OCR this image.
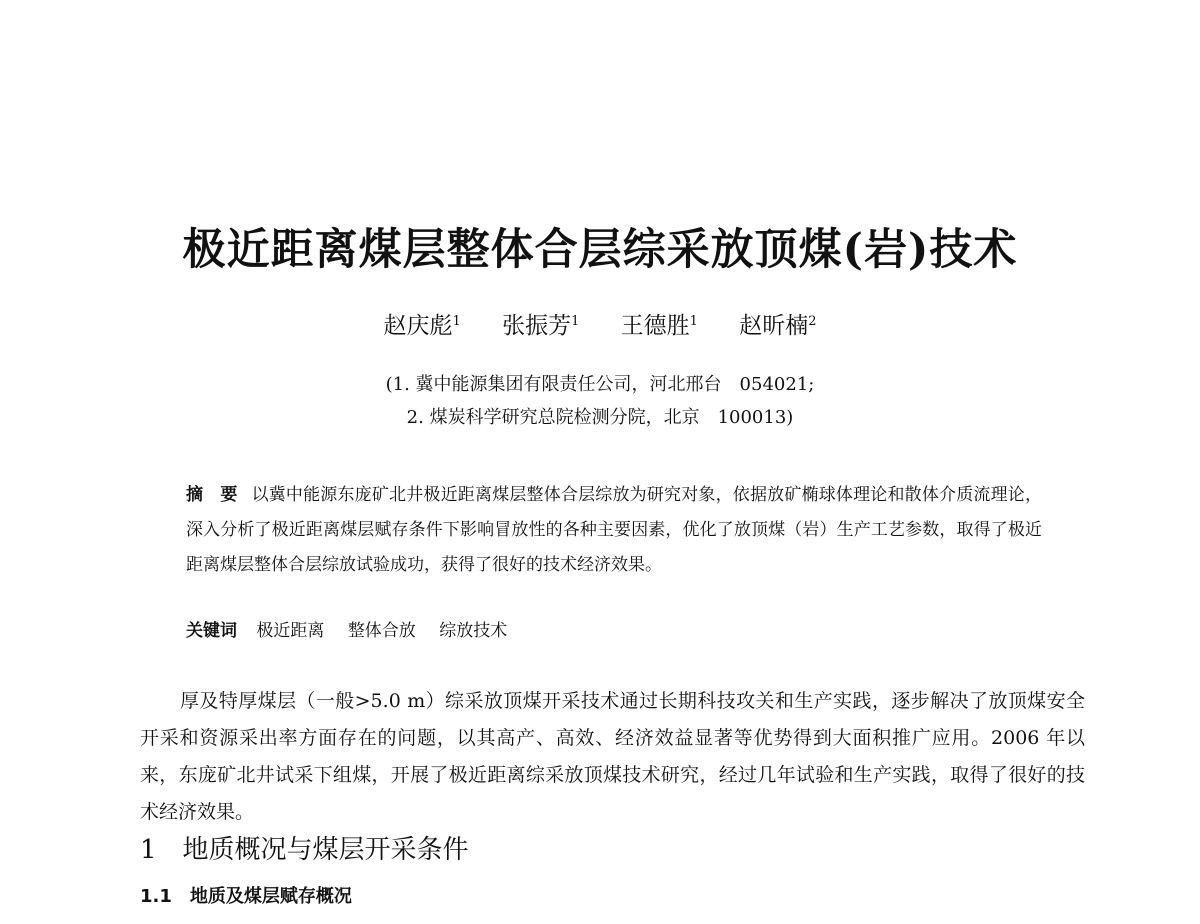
极近距离煤层整体合层综采放顶煤(岩)技术
赵庆彪$^1$ 张振芳$^1$ 王德胜$^1$ 赵昕楠$^2$
(1. 冀中能源集团有限责任公司，河北邢台　054021;
2. 煤炭科学研究总院检测分院，北京　100013)
摘　要 以冀中能源东庞矿北井极近距离煤层整体合层综放为研究对象，依据放矿椭球体理论和散体介质流理论，深入分析了极近距离煤层赋存条件下影响冒放性的各种主要因素，优化了放顶煤（岩）生产工艺参数，取得了极近距离煤层整体合层综放试验成功，获得了很好的技术经济效果。
关键词 极近距离 整体合放 综放技术

厚及特厚煤层（一般>5.0 m）综采放顶煤开采技术通过长期科技攻关和生产实践，逐步解决了放顶煤安全开采和资源采出率方面存在的问题，以其高产、高效、经济效益显著等优势得到大面积推广应用。2006 年以来，东庞矿北井试采下组煤，开展了极近距离综采放顶煤技术研究，经过几年试验和生产实践，取得了很好的技术经济效果。

1 地质概况与煤层开采条件
1.1 地质及煤层赋存概况
